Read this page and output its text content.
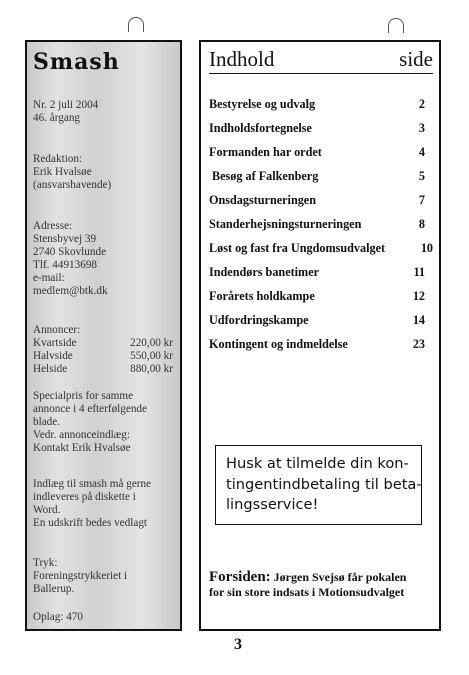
Smash
Nr. 2 juli 2004
46. årgang
Redaktion:
Erik Hvalsøe
(ansvarshavende)
Adresse:
Stensbyvej 39
2740 Skovlunde
Tlf. 44913698
e-mail:
medlem@btk.dk
Annoncer:
Kvartside	220,00 kr
Halvside	550,00 kr
Helside	880,00 kr
Specialpris for samme
annonce i 4 efterfølgende
blade.
Vedr. annonceindlæg:
Kontakt Erik Hvalsøe
Indlæg til smash må gerne
indleveres på diskette i
Word.
En udskrift bedes vedlagt
Tryk:
Foreningstrykkeriet i
Ballerup.
Oplag: 470
Indhold	side
Bestyrelse og udvalg	2
Indholdsfortegnelse	3
Formanden har ordet	4
Besøg af Falkenberg	5
Onsdagsturneringen	7
Standerhejsningsturneringen	8
Løst og fast fra Ungdomsudvalget	10
Indendørs banetimer	11
Forårets holdkampe	12
Udfordringskampe	14
Kontingent og indmeldelse	23
Husk at tilmelde din kon-
tingentindbetaling til beta-
lingsservice!
Forsiden: Jørgen Svejsø får pokalen
for sin store indsats i Motionsudvalget
3
